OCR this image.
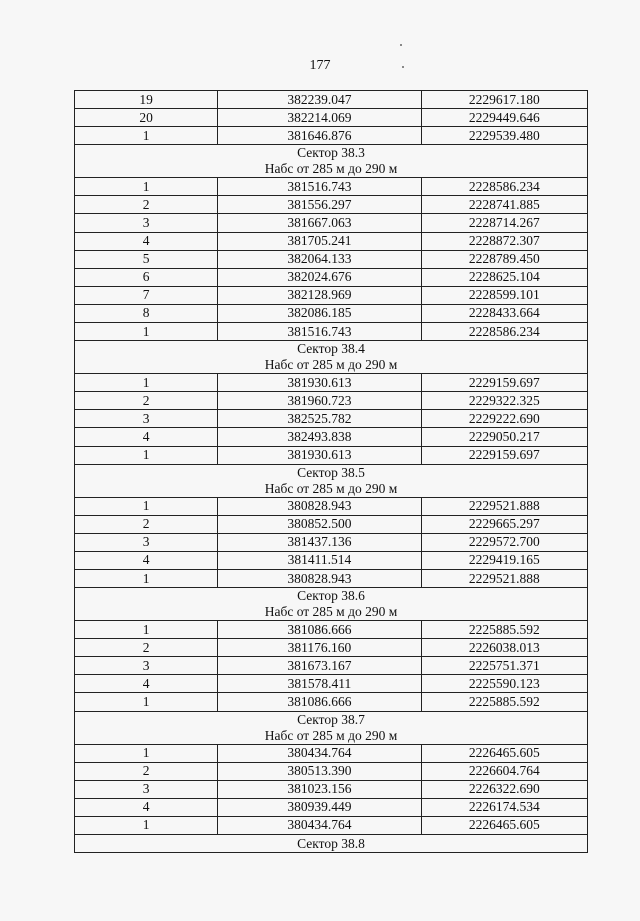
177
19	382239.047	2229617.180
20	382214.069	2229449.646
1	381646.876	2229539.480

Сектор 38.3
Набс от 285 м до 290 м		

1	381516.743	2228586.234
2	381556.297	2228741.885
3	381667.063	2228714.267
4	381705.241	2228872.307
5	382064.133	2228789.450
6	382024.676	2228625.104
7	382128.969	2228599.101
8	382086.185	2228433.664
1	381516.743	2228586.234

Сектор 38.4
Набс от 285 м до 290 м		

1	381930.613	2229159.697
2	381960.723	2229322.325
3	382525.782	2229222.690
4	382493.838	2229050.217
1	381930.613	2229159.697

Сектор 38.5
Набс от 285 м до 290 м		

1	380828.943	2229521.888
2	380852.500	2229665.297
3	381437.136	2229572.700
4	381411.514	2229419.165
1	380828.943	2229521.888

Сектор 38.6
Набс от 285 м до 290 м		

1	381086.666	2225885.592
2	381176.160	2226038.013
3	381673.167	2225751.371
4	381578.411	2225590.123
1	381086.666	2225885.592

Сектор 38.7
Набс от 285 м до 290 м		

1	380434.764	2226465.605
2	380513.390	2226604.764
3	381023.156	2226322.690
4	380939.449	2226174.534
1	380434.764	2226465.605

Сектор 38.8		
